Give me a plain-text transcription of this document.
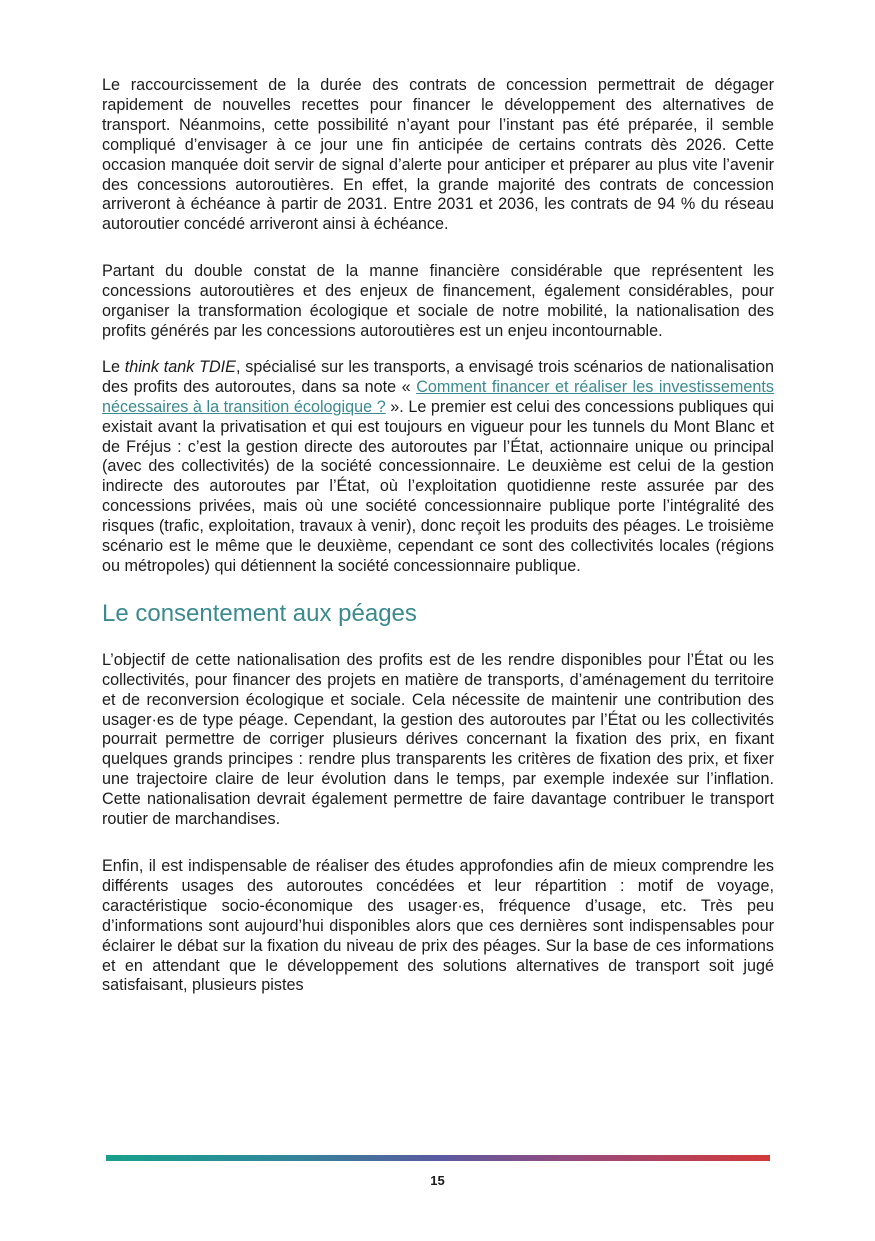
Le raccourcissement de la durée des contrats de concession permettrait de dégager rapidement de nouvelles recettes pour financer le développement des alternatives de transport. Néanmoins, cette possibilité n’ayant pour l’instant pas été préparée, il semble compliqué d’envisager à ce jour une fin anticipée de certains contrats dès 2026. Cette occasion manquée doit servir de signal d’alerte pour anticiper et préparer au plus vite l’avenir des concessions autoroutières. En effet, la grande majorité des contrats de concession arriveront à échéance à partir de 2031. Entre 2031 et 2036, les contrats de 94 % du réseau autoroutier concédé arriveront ainsi à échéance.

Partant du double constat de la manne financière considérable que représentent les concessions autoroutières et des enjeux de financement, également considérables, pour organiser la transformation écologique et sociale de notre mobilité, la nationalisation des profits générés par les concessions autoroutières est un enjeu incontournable.

Le think tank TDIE, spécialisé sur les transports, a envisagé trois scénarios de nationalisation des profits des autoroutes, dans sa note « Comment financer et réaliser les investissements nécessaires à la transition écologique ? ». Le premier est celui des concessions publiques qui existait avant la privatisation et qui est toujours en vigueur pour les tunnels du Mont Blanc et de Fréjus : c’est la gestion directe des autoroutes par l’État, actionnaire unique ou principal (avec des collectivités) de la société concessionnaire. Le deuxième est celui de la gestion indirecte des autoroutes par l’État, où l’exploitation quotidienne reste assurée par des concessions privées, mais où une société concessionnaire publique porte l’intégralité des risques (trafic, exploitation, travaux à venir), donc reçoit les produits des péages. Le troisième scénario est le même que le deuxième, cependant ce sont des collectivités locales (régions ou métropoles) qui détiennent la société concessionnaire publique.

Le consentement aux péages

L’objectif de cette nationalisation des profits est de les rendre disponibles pour l’État ou les collectivités, pour financer des projets en matière de transports, d’aménagement du territoire et de reconversion écologique et sociale. Cela nécessite de maintenir une contribution des usager·es de type péage. Cependant, la gestion des autoroutes par l’État ou les collectivités pourrait permettre de corriger plusieurs dérives concernant la fixation des prix, en fixant quelques grands principes : rendre plus transparents les critères de fixation des prix, et fixer une trajectoire claire de leur évolution dans le temps, par exemple indexée sur l’inflation. Cette nationalisation devrait également permettre de faire davantage contribuer le transport routier de marchandises.

Enfin, il est indispensable de réaliser des études approfondies afin de mieux comprendre les différents usages des autoroutes concédées et leur répartition : motif de voyage, caractéristique socio-économique des usager·es, fréquence d’usage, etc. Très peu d’informations sont aujourd’hui disponibles alors que ces dernières sont indispensables pour éclairer le débat sur la fixation du niveau de prix des péages. Sur la base de ces informations et en attendant que le développement des solutions alternatives de transport soit jugé satisfaisant, plusieurs pistes

15
